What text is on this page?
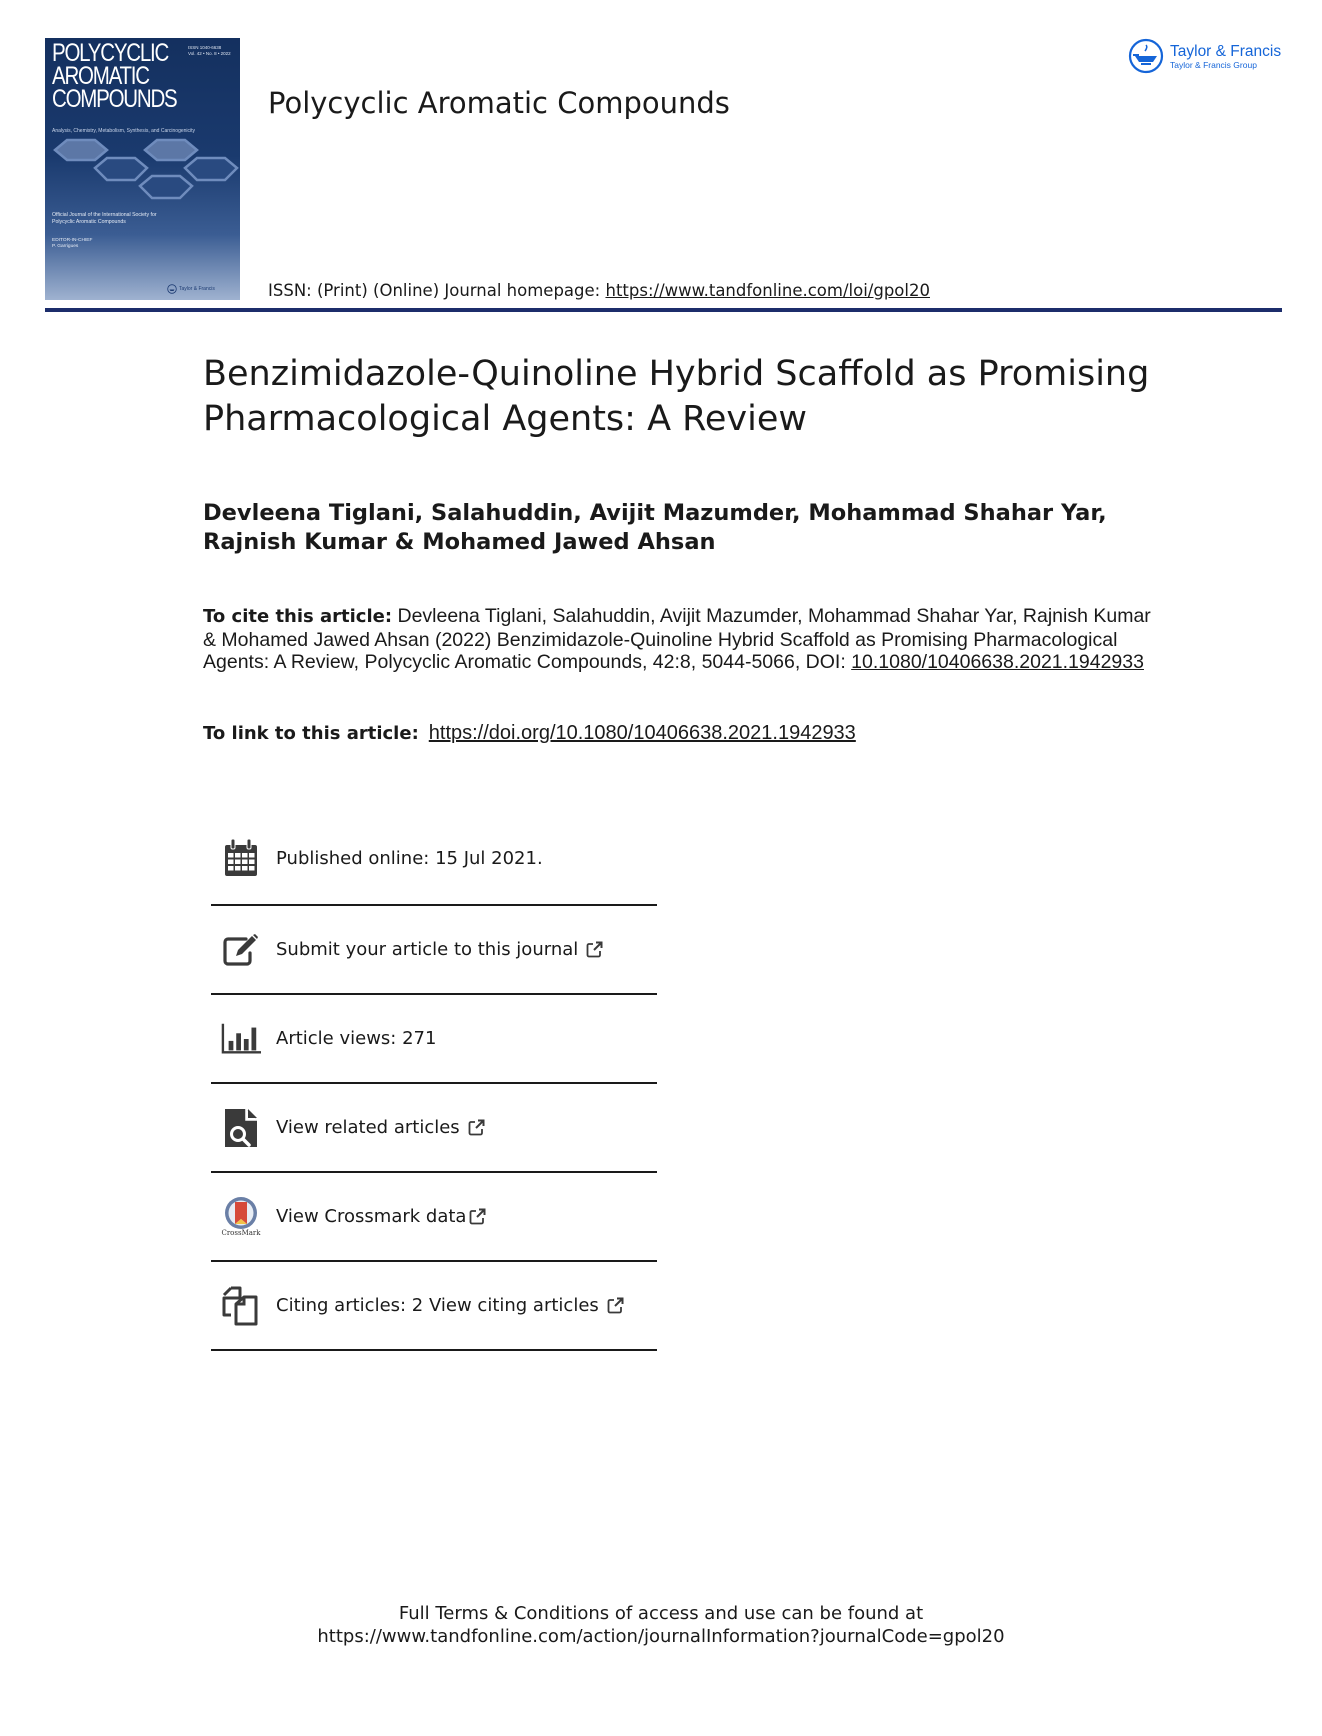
POLYCYCLIC
AROMATIC
COMPOUNDS
ISSN 1040-6638
Vol. 42 • No. 8 • 2022
Analysis, Chemistry, Metabolism, Synthesis, and Carcinogenicity
Official Journal of the International Society for Polycyclic Aromatic Compounds
EDITOR-IN-CHIEF
P. Garrigues
Taylor & Francis
Polycyclic Aromatic Compounds
ISSN: (Print) (Online) Journal homepage: https://www.tandfonline.com/loi/gpol20
Taylor & Francis
Taylor & Francis Group
Benzimidazole-Quinoline Hybrid Scaffold as Promising Pharmacological Agents: A Review
Devleena Tiglani, Salahuddin, Avijit Mazumder, Mohammad Shahar Yar, Rajnish Kumar & Mohamed Jawed Ahsan
To cite this article: Devleena Tiglani, Salahuddin, Avijit Mazumder, Mohammad Shahar Yar, Rajnish Kumar & Mohamed Jawed Ahsan (2022) Benzimidazole-Quinoline Hybrid Scaffold as Promising Pharmacological Agents: A Review, Polycyclic Aromatic Compounds, 42:8, 5044-5066, DOI: 10.1080/10406638.2021.1942933
To link to this article: https://doi.org/10.1080/10406638.2021.1942933
Published online: 15 Jul 2021.
Submit your article to this journal
Article views: 271
View related articles
CrossMark
View Crossmark data
Citing articles: 2 View citing articles
Full Terms & Conditions of access and use can be found at
https://www.tandfonline.com/action/journalInformation?journalCode=gpol20
